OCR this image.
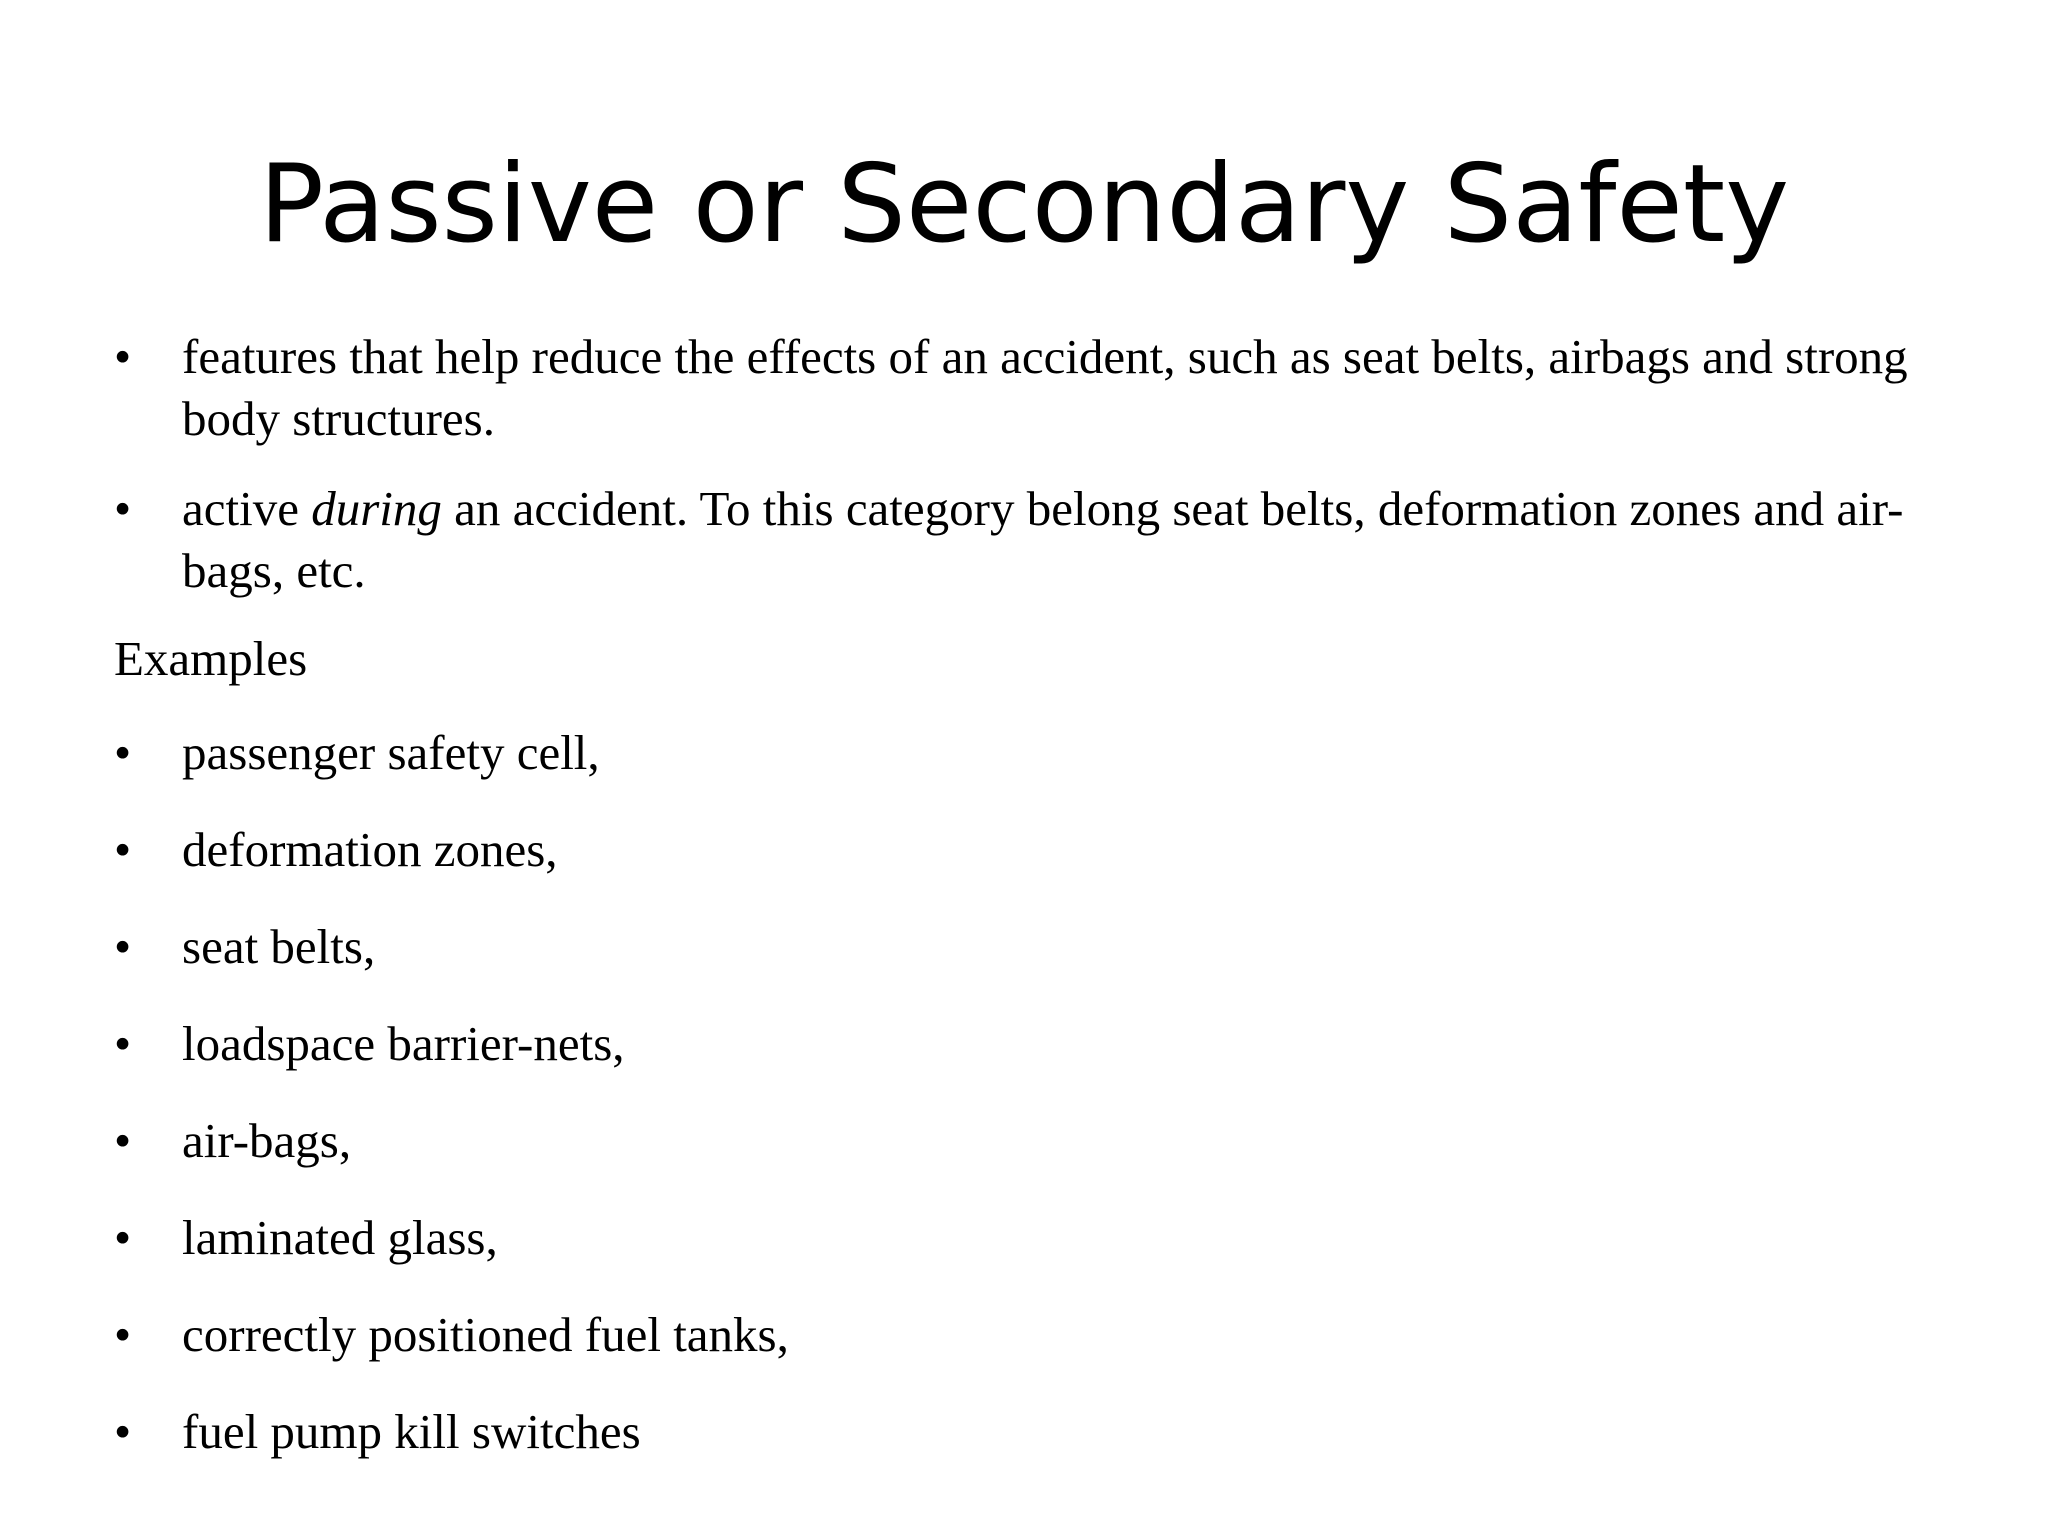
Passive or Secondary Safety

•	features that help reduce the effects of an accident, such as seat belts, airbags and strong body structures.

•	active during an accident. To this category belong seat belts, deformation zones and air-bags, etc.

Examples

•	passenger safety cell,

•	deformation zones,

•	seat belts,

•	loadspace barrier-nets,

•	air-bags,

•	laminated glass,

•	correctly positioned fuel tanks,

•	fuel pump kill switches
